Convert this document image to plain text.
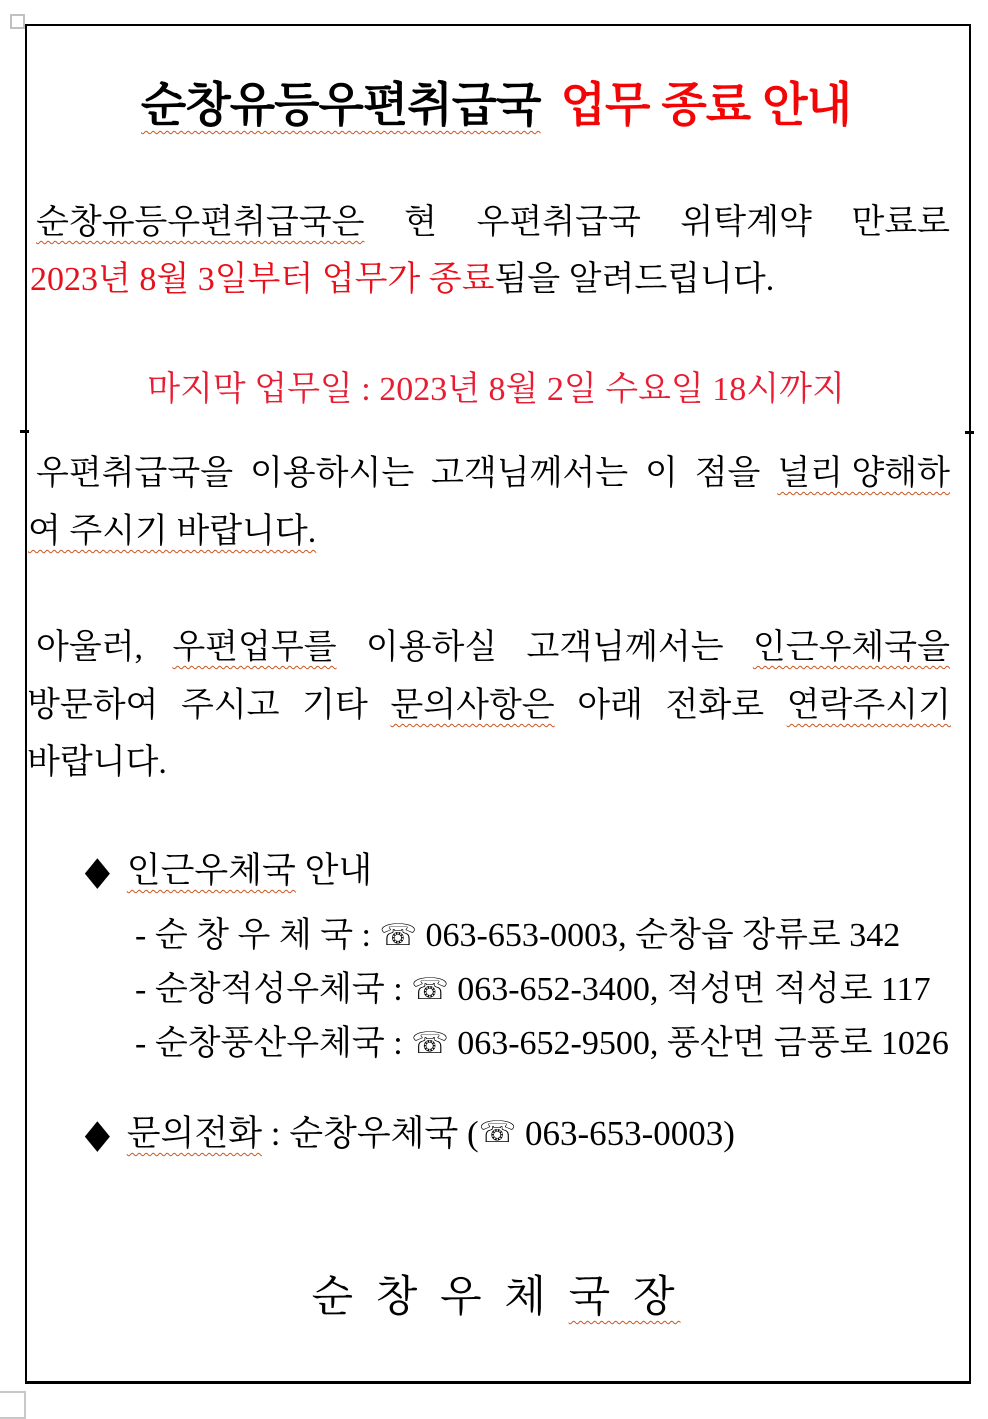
순창유등우편취급국 업무 종료 안내
순창유등우편취급국은 현 우편취급국 위탁계약 만료로
2023년 8월 3일부터 업무가 종료됨을 알려드립니다.
마지막 업무일 : 2023년 8월 2일 수요일 18시까지
우편취급국을 이용하시는 고객님께서는 이 점을 널리 양해하
여 주시기 바랍니다.
아울러, 우편업무를 이용하실 고객님께서는 인근우체국을
방문하여 주시고 기타 문의사항은 아래 전화로 연락주시기
바랍니다.
◆ 인근우체국 안내
- 순 창 우 체 국 : ☏ 063-653-0003, 순창읍 장류로 342
- 순창적성우체국 : ☏ 063-652-3400, 적성면 적성로 117
- 순창풍산우체국 : ☏ 063-652-9500, 풍산면 금풍로 1026
◆ 문의전화 : 순창우체국 ( ☏ 063-653-0003)
순 창 우 체 국 장
